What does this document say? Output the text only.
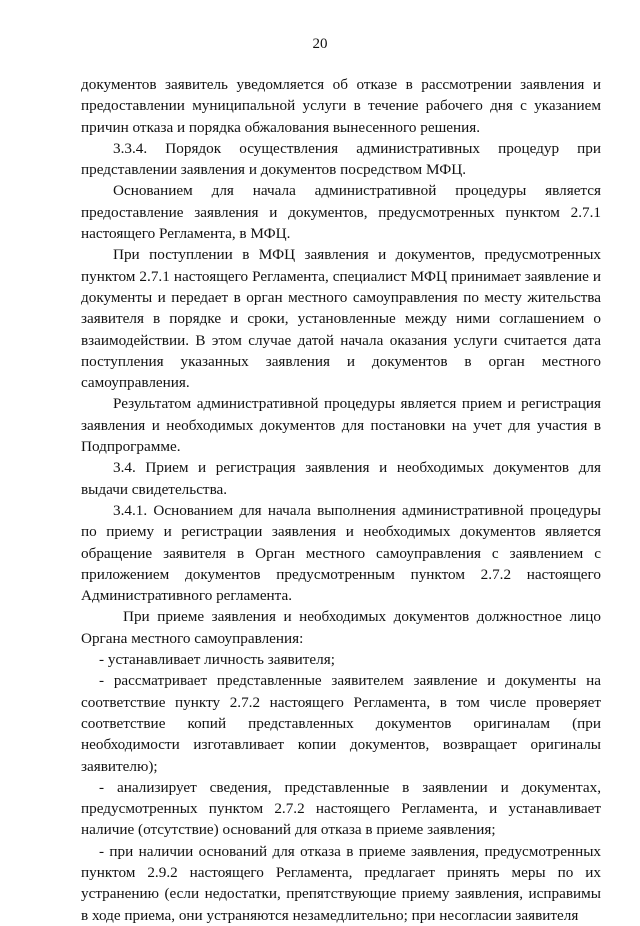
20

документов заявитель уведомляется об отказе в рассмотрении заявления и предоставлении муниципальной услуги в течение рабочего дня с указанием причин отказа и порядка обжалования вынесенного решения.

3.3.4. Порядок осуществления административных процедур при представлении заявления и документов посредством МФЦ.

Основанием для начала административной процедуры является предоставление заявления и документов, предусмотренных пунктом 2.7.1 настоящего Регламента, в МФЦ.

При поступлении в МФЦ заявления и документов, предусмотренных пунктом 2.7.1 настоящего Регламента, специалист МФЦ принимает заявление и документы и передает в орган местного самоуправления по месту жительства заявителя в порядке и сроки, установленные между ними соглашением о взаимодействии. В этом случае датой начала оказания услуги считается дата поступления указанных заявления и документов в орган местного самоуправления.

Результатом административной процедуры является прием и регистрация заявления и необходимых документов для постановки на учет для участия в Подпрограмме.

3.4. Прием и регистрация заявления и необходимых документов для выдачи свидетельства.

3.4.1. Основанием для начала выполнения административной процедуры по приему и регистрации заявления и необходимых документов является обращение заявителя в Орган местного самоуправления с заявлением с приложением документов предусмотренным пунктом 2.7.2 настоящего Административного регламента.

При приеме заявления и необходимых документов должностное лицо Органа местного самоуправления:

- устанавливает личность заявителя;

- рассматривает представленные заявителем заявление и документы на соответствие пункту 2.7.2 настоящего Регламента, в том числе проверяет соответствие копий представленных документов оригиналам (при необходимости изготавливает копии документов, возвращает оригиналы заявителю);

- анализирует сведения, представленные в заявлении и документах, предусмотренных пунктом 2.7.2 настоящего Регламента, и устанавливает наличие (отсутствие) оснований для отказа в приеме заявления;

- при наличии оснований для отказа в приеме заявления, предусмотренных пунктом 2.9.2 настоящего Регламента, предлагает принять меры по их устранению (если недостатки, препятствующие приему заявления, исправимы в ходе приема, они устраняются незамедлительно; при несогласии заявителя
